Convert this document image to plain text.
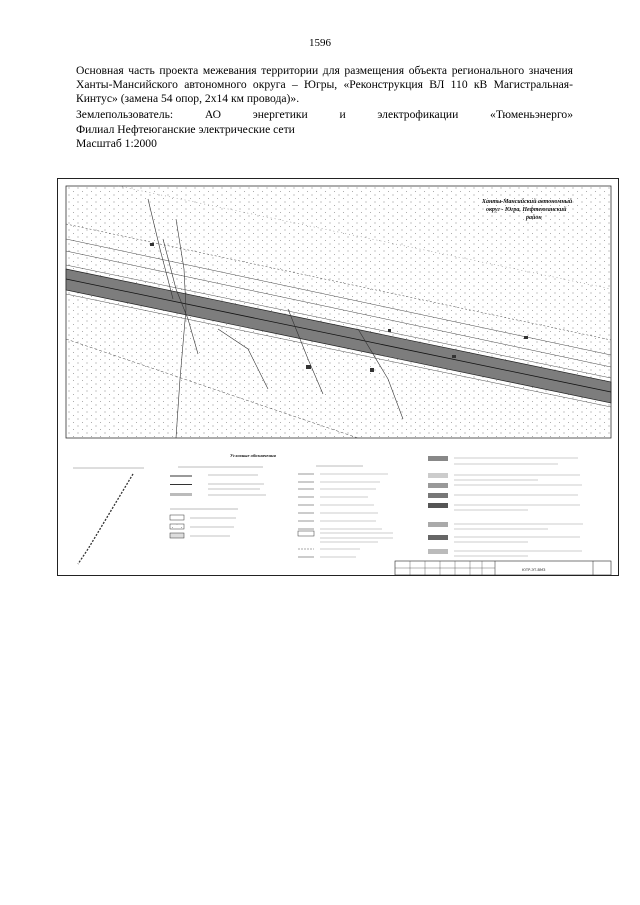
1596
Основная часть проекта межевания территории для размещения объекта регионального значения Ханты-Мансийского автономного округа – Югры, «Реконструкция ВЛ 110 кВ Магистральная-Кинтус» (замена 54 опор, 2х14 км провода)».
Землепользователь:	АО	энергетики	и	электрофикации	«Тюменьэнерго»
Филиал Нефтеюганские электрические сети
Масштаб 1:2000
Ханты-Мансийский автономный
округ - Югра, Нефтеюганский
район
Условные обозначения
ЮТР-ЭТ-ВМЗ
